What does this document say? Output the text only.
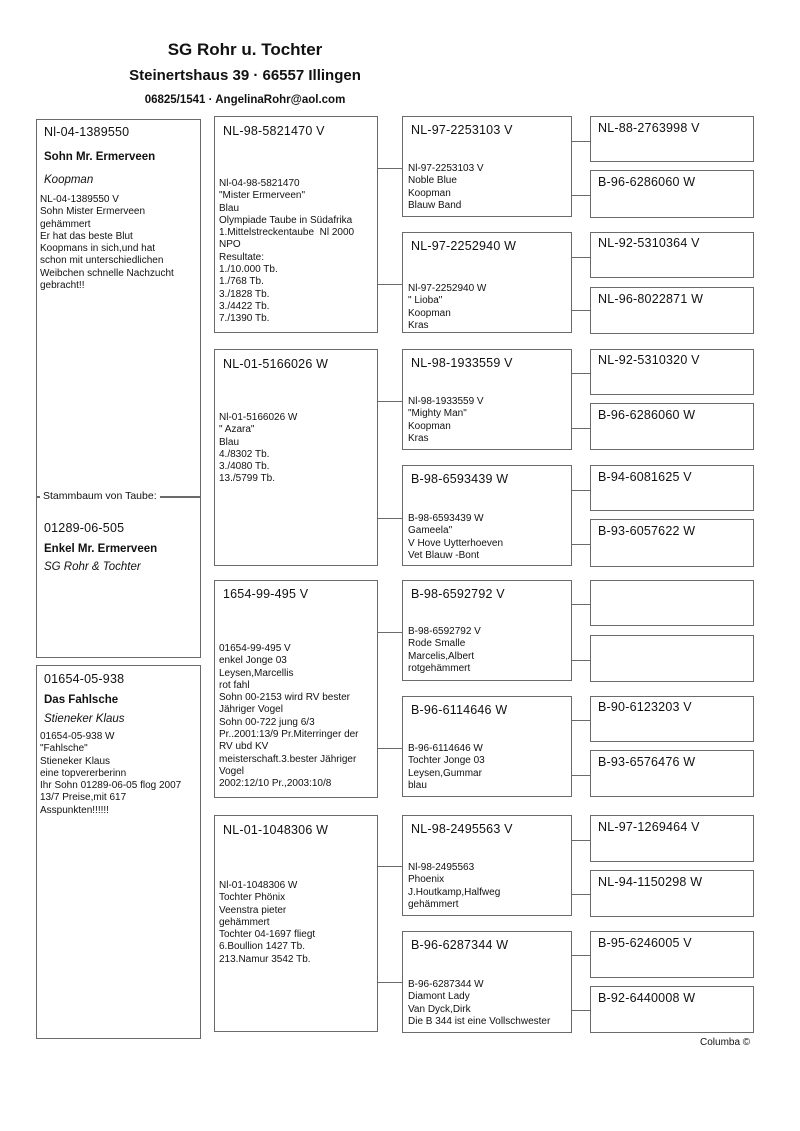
SG Rohr u. Tochter
Steinertshaus 39 · 66557 Illingen
06825/1541 · AngelinaRohr@aol.com
Nl-04-1389550
Sohn Mr. Ermerveen
Koopman
NL-04-1389550 V
Sohn Mister Ermerveen
gehämmert
Er hat das beste Blut
Koopmans in sich,und hat
schon mit unterschiedlichen
Weibchen schnelle Nachzucht
gebracht!!
Stammbaum von Taube:
01289-06-505
Enkel Mr. Ermerveen
SG Rohr & Tochter
01654-05-938
Das Fahlsche
Stieneker Klaus
01654-05-938 W
"Fahlsche"
Stieneker Klaus
eine topvererberinn
Ihr Sohn 01289-06-05 flog 2007
13/7 Preise,mit 617
Asspunkten!!!!!!
NL-98-5821470 V
Nl-04-98-5821470
"Mister Ermerveen"
Blau
Olympiade Taube in Südafrika
1.Mittelstreckentaube  Nl 2000
NPO
Resultate:
1./10.000 Tb.
1./768 Tb.
3./1828 Tb.
3./4422 Tb.
7./1390 Tb.
NL-01-5166026 W
Nl-01-5166026 W
" Azara"
Blau
4./8302 Tb.
3./4080 Tb.
13./5799 Tb.
1654-99-495 V
01654-99-495 V
enkel Jonge 03
Leysen,Marcellis
rot fahl
Sohn 00-2153 wird RV bester
Jähriger Vogel
Sohn 00-722 jung 6/3
Pr..2001:13/9 Pr.Miterringer der
RV ubd KV
meisterschaft.3.bester Jähriger
Vogel
2002:12/10 Pr.,2003:10/8
NL-01-1048306 W
Nl-01-1048306 W
Tochter Phönix
Veenstra pieter
gehämmert
Tochter 04-1697 fliegt
6.Boullion 1427 Tb.
213.Namur 3542 Tb.
NL-97-2253103 V
Nl-97-2253103 V
Noble Blue
Koopman
Blauw Band
NL-97-2252940 W
Nl-97-2252940 W
" Lioba"
Koopman
Kras
NL-98-1933559 V
Nl-98-1933559 V
"Mighty Man"
Koopman
Kras
B-98-6593439 W
B-98-6593439 W
Gameela"
V Hove Uytterhoeven
Vet Blauw -Bont
B-98-6592792 V
B-98-6592792 V
Rode Smalle
Marcelis,Albert
rotgehämmert
B-96-6114646 W
B-96-6114646 W
Tochter Jonge 03
Leysen,Gummar
blau
NL-98-2495563 V
Nl-98-2495563
Phoenix
J.Houtkamp,Halfweg
gehämmert
B-96-6287344 W
B-96-6287344 W
Diamont Lady
Van Dyck,Dirk
Die B 344 ist eine Vollschwester
NL-88-2763998 V
B-96-6286060 W
NL-92-5310364 V
NL-96-8022871 W
NL-92-5310320 V
B-96-6286060 W
B-94-6081625 V
B-93-6057622 W
B-90-6123203 V
B-93-6576476 W
NL-97-1269464 V
NL-94-1150298 W
B-95-6246005 V
B-92-6440008 W
Columba ©
